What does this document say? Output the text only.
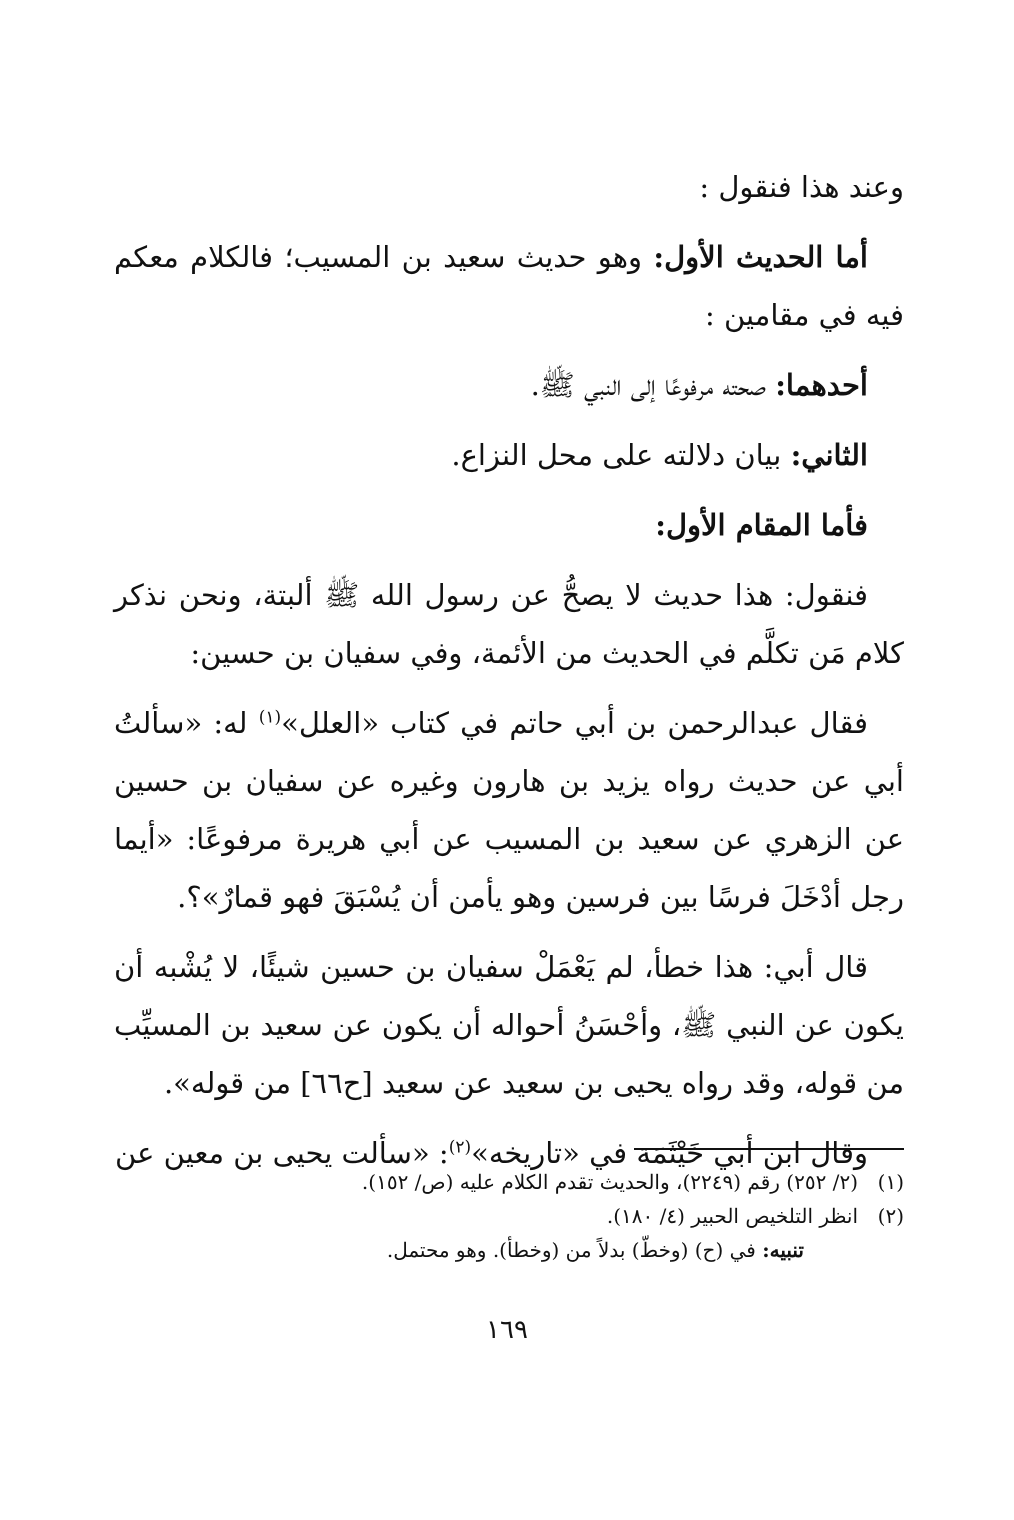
وعند هذا فنقول :

أما الحديث الأول: وهو حديث سعيد بن المسيب؛ فالكلام معكم فيه في مقامين :

أحدهما: صحته مرفوعًا إلى النبي ﷺ.

الثاني: بيان دلالته على محل النزاع.

فأما المقام الأول:

فنقول: هذا حديث لا يصحُّ عن رسول الله ﷺ ألبتة، ونحن نذكر كلام مَن تكلَّم في الحديث من الأئمة، وفي سفيان بن حسين:

فقال عبدالرحمن بن أبي حاتم في كتاب «العلل»$^{(١)}$ له: «سألتُ أبي عن حديث رواه يزيد بن هارون وغيره عن سفيان بن حسين عن الزهري عن سعيد بن المسيب عن أبي هريرة مرفوعًا: «أيما رجل أدْخَلَ فرسًا بين فرسين وهو يأمن أن يُسْبَقَ فهو قمارٌ»؟.

قال أبي: هذا خطأ، لم يَعْمَلْ سفيان بن حسين شيئًا، لا يُشْبه أن يكون عن النبي ﷺ، وأحْسَنُ أحواله أن يكون عن سعيد بن المسيِّب من قوله، وقد رواه يحيى بن سعيد عن سعيد [ح٦٦] من قوله».

وقال ابن أبي خَيْثَمَة في «تاريخه»$^{(٢)}$: «سألت يحيى بن معين عن

(١)
(٢/ ٢٥٢) رقم (٢٢٤٩)، والحديث تقدم الكلام عليه (ص/ ١٥٢).
(٢)
انظر التلخيص الحبير (٤/ ١٨٠).
تنبيه: في (ح) (وخطّ) بدلاً من (وخطأ). وهو محتمل.
١٦٩
